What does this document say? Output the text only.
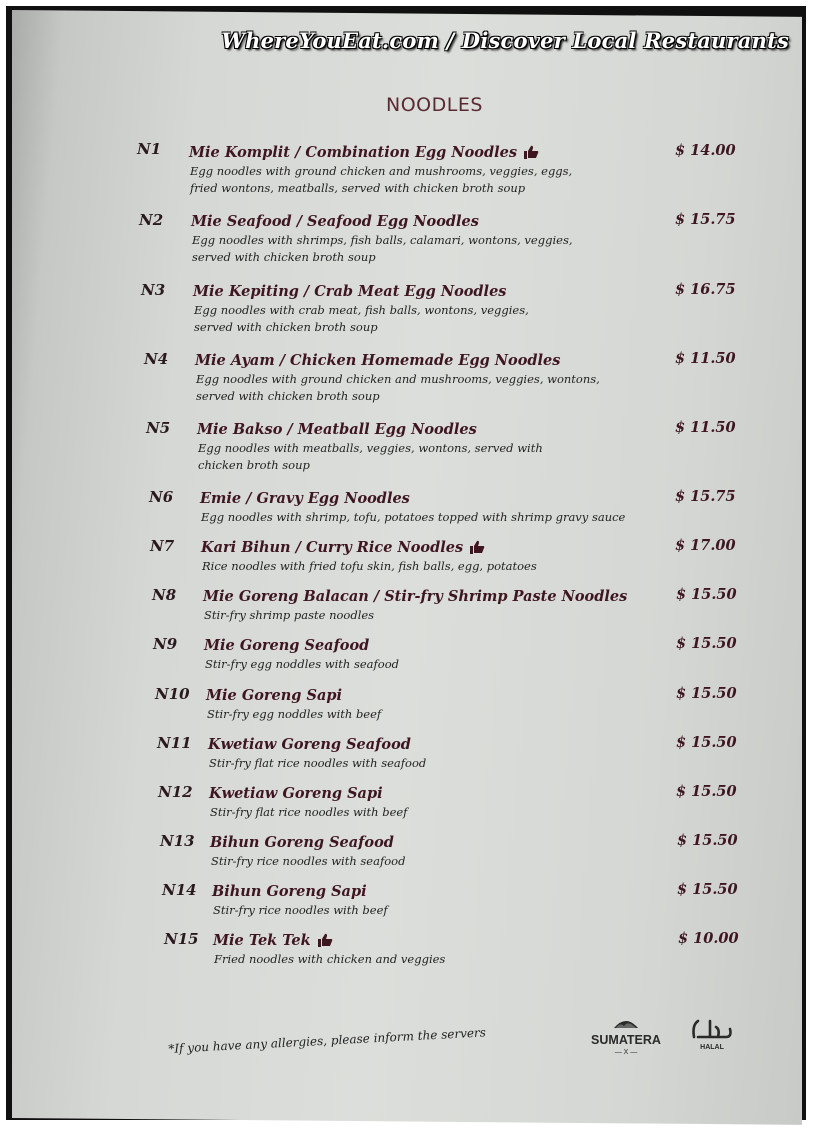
WhereYouEat.com / Discover Local Restaurants
NOODLES
N1	Mie Komplit / Combination Egg Noodles
Egg noodles with ground chicken and mushrooms, veggies, eggs,
fried wontons, meatballs, served with chicken broth soup
$ 14.00
N2	Mie Seafood / Seafood Egg Noodles
Egg noodles with shrimps, fish balls, calamari, wontons, veggies,
served with chicken broth soup
$ 15.75
N3	Mie Kepiting / Crab Meat Egg Noodles
Egg noodles with crab meat, fish balls, wontons, veggies,
served with chicken broth soup
$ 16.75
N4	Mie Ayam / Chicken Homemade Egg Noodles
Egg noodles with ground chicken and mushrooms, veggies, wontons,
served with chicken broth soup
$ 11.50
N5	Mie Bakso / Meatball Egg Noodles
Egg noodles with meatballs, veggies, wontons, served with
chicken broth soup
$ 11.50
N6	Emie / Gravy Egg Noodles
Egg noodles with shrimp, tofu, potatoes topped with shrimp gravy sauce
$ 15.75
N7	Kari Bihun / Curry Rice Noodles
Rice noodles with fried tofu skin, fish balls, egg, potatoes
$ 17.00
N8	Mie Goreng Balacan / Stir-fry Shrimp Paste Noodles
Stir-fry shrimp paste noodles
$ 15.50
N9	Mie Goreng Seafood
Stir-fry egg noddles with seafood
$ 15.50
N10	Mie Goreng Sapi
Stir-fry egg noddles with beef
$ 15.50
N11	Kwetiaw Goreng Seafood
Stir-fry flat rice noodles with seafood
$ 15.50
N12	Kwetiaw Goreng Sapi
Stir-fry flat rice noodles with beef
$ 15.50
N13	Bihun Goreng Seafood
Stir-fry rice noodles with seafood
$ 15.50
N14	Bihun Goreng Sapi
Stir-fry rice noodles with beef
$ 15.50
N15 Mie Tek Tek
Fried noodles with chicken and veggies
$ 10.00
*If you have any allergies, please inform the servers	SUMATERA
— X —
HALAL
